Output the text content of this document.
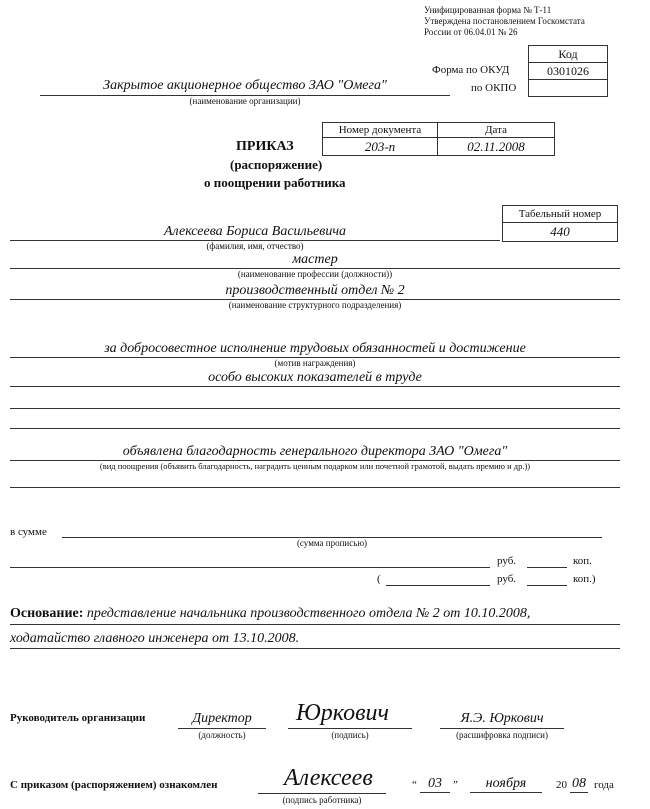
Унифицированная форма № Т-11
Утверждена постановлением Госкомстата
России от 06.04.01 № 26
Код
0301026
Форма по ОКУД
по ОКПО
Закрытое акционерное общество ЗАО "Омега"
(наименование организации)
ПРИКАЗ
(распоряжение)
о поощрении работника
Номер документа	Дата
203-п	02.11.2008
Табельный номер
440
Алексеева Бориса Васильевича
(фамилия, имя, отчество)
мастер
(наименование профессии (должности))
производственный отдел № 2
(наименование структурного подразделения)
за добросовестное исполнение трудовых обязанностей и достижение
(мотив награждения)
особо высоких показателей в труде
объявлена благодарность генерального директора ЗАО "Омега"
(вид поощрения (объявить благодарность, наградить ценным подарком или почетной грамотой, выдать премию и др.))
в сумме
(сумма прописью)
руб.	коп.
(	руб.	коп.)
Основание: представление начальника производственного отдела № 2 от 10.10.2008,
ходатайство главного инженера от 13.10.2008.
Руководитель организации	Директор
(должность)
Юркович
(подпись)
Я.Э. Юркович
(расшифровка подписи)
С приказом (распоряжением) ознакомлен	Алексеев
(подпись работника)
“ 03	”	ноября	20 08 года
